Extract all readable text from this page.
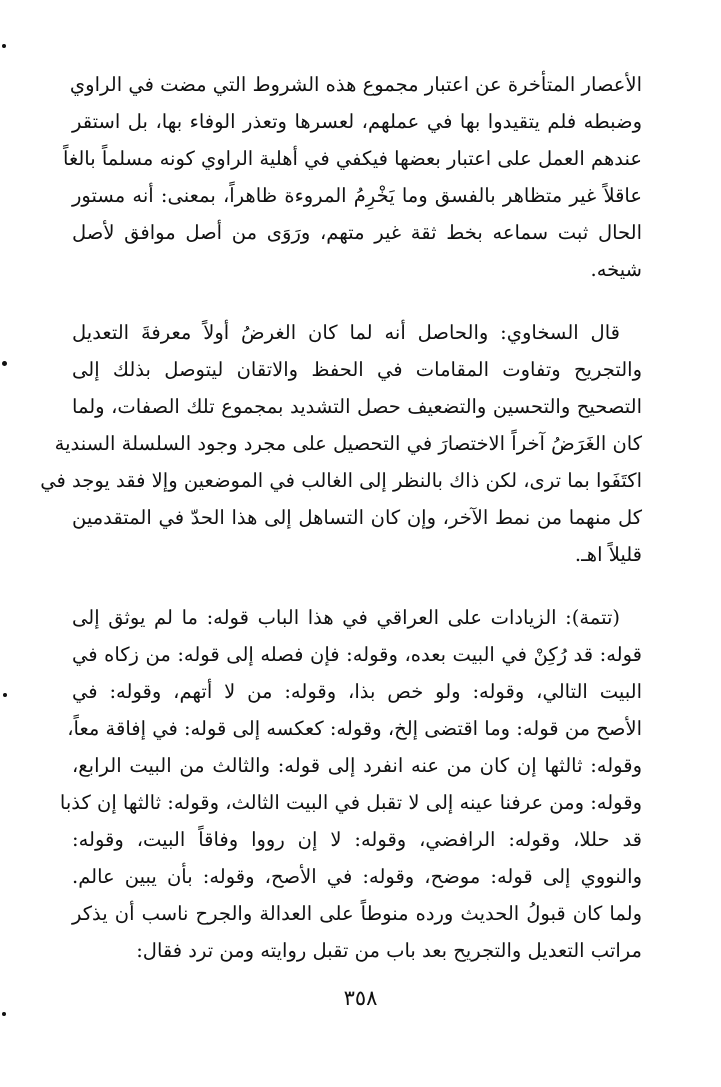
الأعصار المتأخرة عن اعتبار مجموع هذه الشروط التي مضت في الراوي
وضبطه فلم يتقيدوا بها في عملهم، لعسرها وتعذر الوفاء بها، بل استقر
عندهم العمل على اعتبار بعضها فيكفي في أهلية الراوي كونه مسلماً بالغاً
عاقلاً غير متظاهر بالفسق وما يَخْرِمُ المروءة ظاهراً، بمعنى: أنه مستور
الحال ثبت سماعه بخط ثقة غير متهم، ورَوَى من أصل موافق لأصل
شيخه.
قال السخاوي: والحاصل أنه لما كان الغرضُ أولاً معرفةَ التعديل
والتجريح وتفاوت المقامات في الحفظ والاتقان ليتوصل بذلك إلى
التصحيح والتحسين والتضعيف حصل التشديد بمجموع تلك الصفات، ولما
كان الغَرَضُ آخراً الاختصارَ في التحصيل على مجرد وجود السلسلة السندية
اكتَفَوا بما ترى، لكن ذاك بالنظر إلى الغالب في الموضعين وإلا فقد يوجد في
كل منهما من نمط الآخر، وإن كان التساهل إلى هذا الحدّ في المتقدمين
قليلاً اهـ.
(تتمة): الزيادات على العراقي في هذا الباب قوله: ما لم يوثق إلى
قوله: قد رُكِنْ في البيت بعده، وقوله: فإن فصله إلى قوله: من زكاه في
البيت التالي، وقوله: ولو خص بذا، وقوله: من لا أتهم، وقوله: في
الأصح من قوله: وما اقتضى إلخ، وقوله: كعكسه إلى قوله: في إفاقة معاً،
وقوله: ثالثها إن كان من عنه انفرد إلى قوله: والثالث من البيت الرابع،
وقوله: ومن عرفنا عينه إلى لا تقبل في البيت الثالث، وقوله: ثالثها إن كذبا
قد حللا، وقوله: الرافضي، وقوله: لا إن رووا وفاقاً البيت، وقوله:
والنووي إلى قوله: موضح، وقوله: في الأصح، وقوله: بأن يبين عالم.
ولما كان قبولُ الحديث ورده منوطاً على العدالة والجرح ناسب أن يذكر
مراتب التعديل والتجريح بعد باب من تقبل روايته ومن ترد فقال:
٣٥٨
